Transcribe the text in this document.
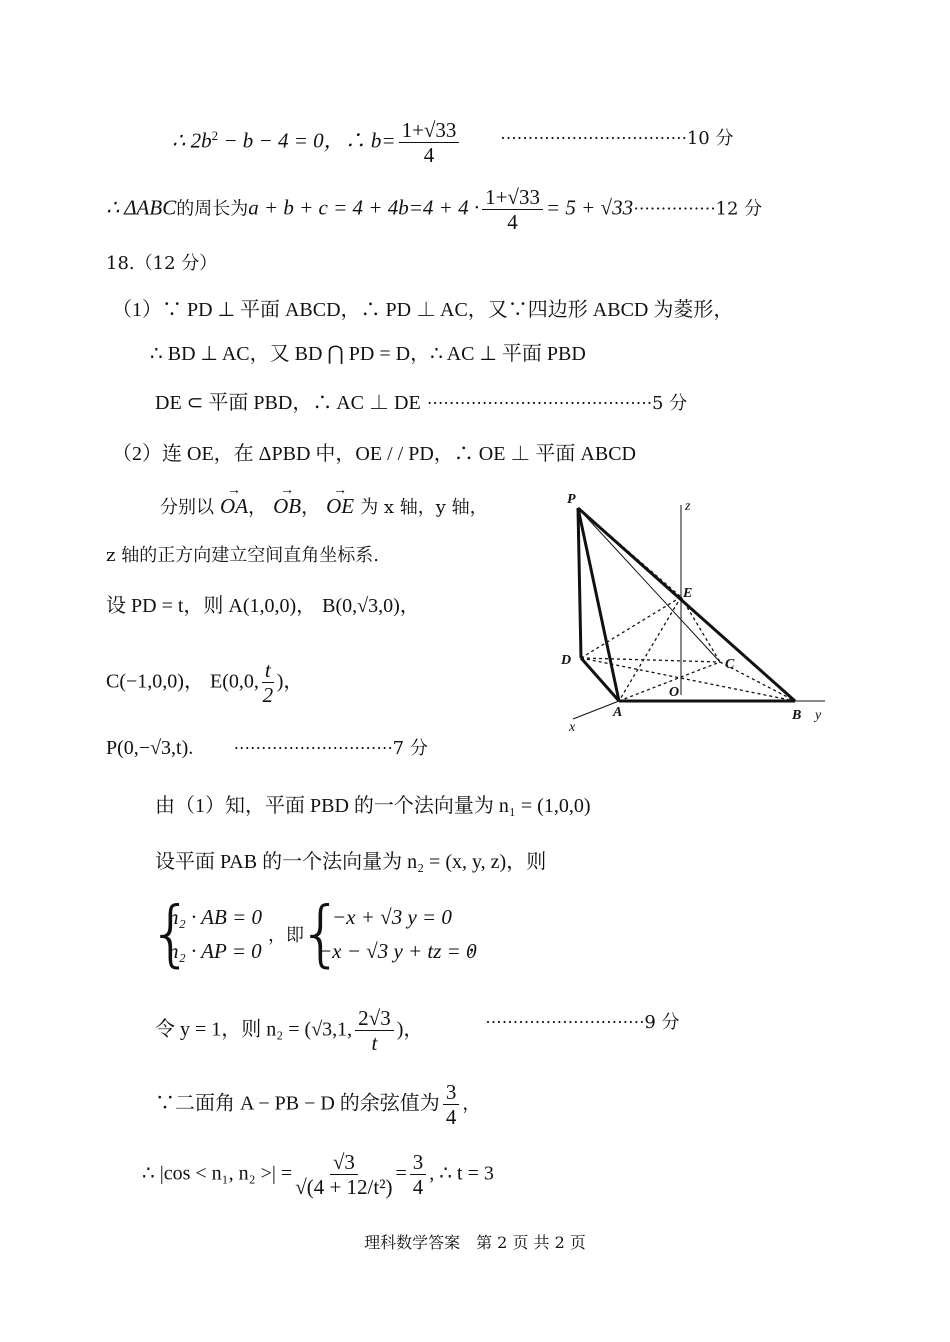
∴ $2b^2 - b - 4 = 0$，∴ $b= \frac{1+√33}{4} \cdot\cdot\cdot\cdot\cdot\cdot\cdot\cdot\cdot\cdot\cdot\cdot\cdot\cdot\cdot\cdot\cdot\cdot\cdot\cdot\cdot\cdot\cdot\cdot\cdot\cdot\cdot\cdot\cdot\cdot\cdot\cdot\cdot\cdot 10$ 分
∴ ΔABC的周长为$a + b + c = 4 + 4b=4 + 4 \cdot \frac{1+√33}{4} = 5 + √33\cdot\cdot\cdot\cdot\cdot\cdot\cdot\cdot\cdot\cdot\cdot\cdot\cdot\cdot\cdot 12$ 分
18.（12 分）
（1）∵ PD ⊥ 平面 ABCD，∴ PD ⊥ AC，又∵四边形 ABCD 为菱形，
∴ BD ⊥ AC，又 BD ⋂ PD = D，∴ AC ⊥ 平面 PBD
DE ⊂ 平面 PBD，∴ AC ⊥ DE ·········································5 分
（2）连 OE，在 ΔPBD 中，OE / / PD，∴ OE ⊥ 平面 ABCD
分别以 → OA， → OB， → OE 为 x 轴，y 轴，
z 轴的正方向建立空间直角坐标系.
设 PD = t，则 A(1,0,0)， B(0,√3,0)，
C(−1,0,0)， E(0,0, $\frac{t}{2}$ )，
P(0,−√3,t). ·····························7 分
P	z
E
D	C
O
A	B y
x
由（1）知，平面 PBD 的一个法向量为 n₁ = (1,0,0)
设平面 PAB 的一个法向量为 n₂ = (x, y, z)，则
{
n₂ · AB = 0
n₂ · AP = 0
，即
{
−x + √3 y = 0
−x − √3 y + tz = 0
，
令 y = 1，则 n₂ = (√3,1, $\frac{2√3}{t}$ )，	·····························9 分
∵二面角 A − PB − D 的余弦值为 $\frac{3}{4}$ ，
∴ |cos < n₁, n₂ >| = $\frac{√3}{\text{√(4 + 12/t²)}} = \frac{3}{4}$ , ∴ t = 3
理科数学答案　第 2 页 共 2 页
